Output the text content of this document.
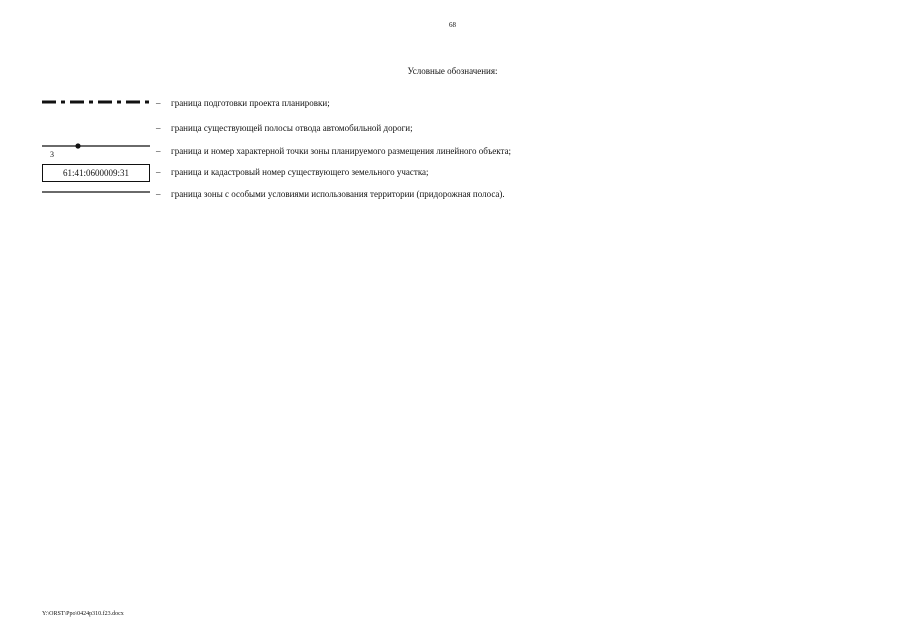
68
Условные обозначения:
– граница подготовки проекта планировки;
– граница существующей полосы отвода автомобильной дороги;
3	– граница и номер характерной точки зоны планируемого размещения линейного объекта;
61:41:0600009:31	– граница и кадастровый номер существующего земельного участка;
– граница зоны с особыми условиями использования территории (придорожная полоса).
Y:\ORST\Ppo\0424p310.f23.docx
